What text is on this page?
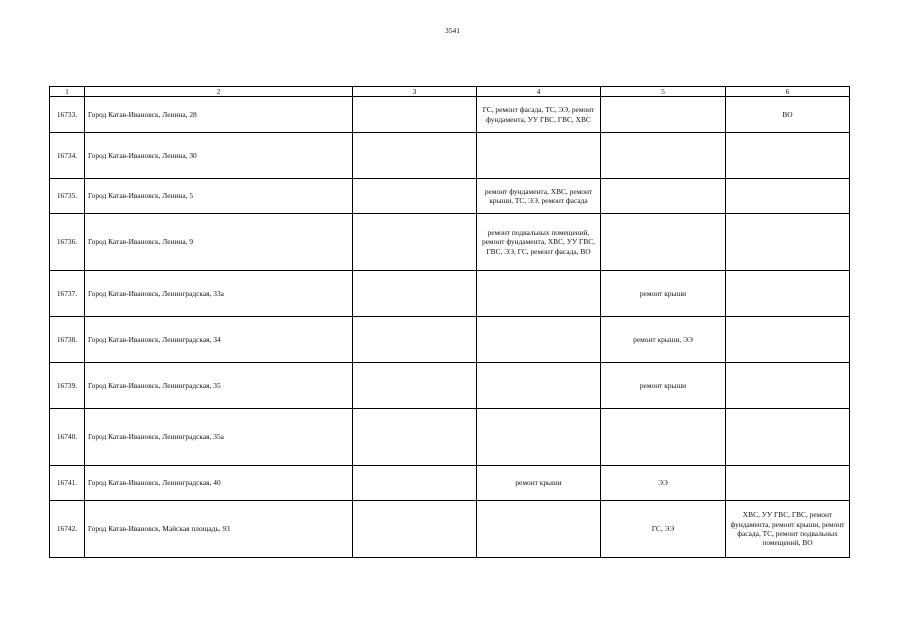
3541
1	2	3	4	5	6
16733.	Город Катав-Ивановск, Ленина, 28		ГС, ремонт фасада, ТС, ЭЭ, ремонт фундамента, УУ ГВС, ГВС, ХВС		ВО
16734.	Город Катав-Ивановск, Ленина, 30				
16735.	Город Катав-Ивановск, Ленина, 5		ремонт фундамента, ХВС, ремонт крыши, ТС, ЭЭ, ремонт фасада		
16736.	Город Катав-Ивановск, Ленина, 9		ремонт подвальных помещений, ремонт фундамента, ХВС, УУ ГВС, ГВС, ЭЭ, ГС, ремонт фасада, ВО		
16737.	Город Катав-Ивановск, Ленинградская, 33а			ремонт крыши	
16738.	Город Катав-Ивановск, Ленинградская, 34			ремонт крыши, ЭЭ	
16739.	Город Катав-Ивановск, Ленинградская, 35			ремонт крыши	
16740.	Город Катав-Ивановск, Ленинградская, 35а				
16741.	Город Катав-Ивановск, Ленинградская, 40		ремонт крыши	ЭЭ	
16742.	Город Катав-Ивановск, Майская площадь, 93			ГС, ЭЭ	ХВС, УУ ГВС, ГВС, ремонт фундамента, ремонт крыши, ремонт фасада, ТС, ремонт подвальных помещений, ВО
